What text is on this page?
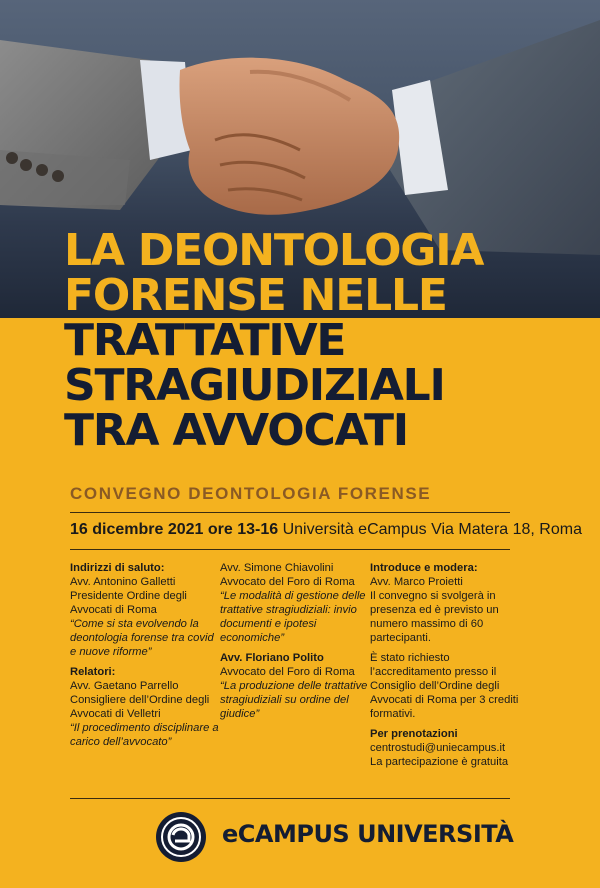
LA DEONTOLOGIA
FORENSE NELLE
TRATTATIVE
STRAGIUDIZIALI
TRA AVVOCATI
CONVEGNO DEONTOLOGIA FORENSE
16 dicembre 2021 ore 13-16 Università eCampus Via Matera 18, Roma

Indirizzi di saluto:

Avv. Antonino Galletti

Presidente Ordine degli Avvocati di Roma

“Come si sta evolvendo la deontologia forense tra covid e nuove riforme”

Relatori:

Avv. Gaetano Parrello

Consigliere dell’Ordine degli Avvocati di Velletri

“Il procedimento disciplinare a carico dell’avvocato”

Avv. Simone Chiavolini

Avvocato del Foro di Roma

“Le modalità di gestione delle trattative stragiudiziali: invio documenti e ipotesi economiche”

Avv. Floriano Polito

Avvocato del Foro di Roma

“La produzione delle trattative stragiudiziali su ordine del giudice”

Introduce e modera:

Avv. Marco Proietti

Il convegno si svolgerà in presenza ed è previsto un numero massimo di 60 partecipanti.

È stato richiesto l’accreditamento presso il Consiglio dell’Ordine degli Avvocati di Roma per 3 crediti formativi.

Per prenotazioni

centrostudi@uniecampus.it

La partecipazione è gratuita

eCAMPUS UNIVERSITÀ
